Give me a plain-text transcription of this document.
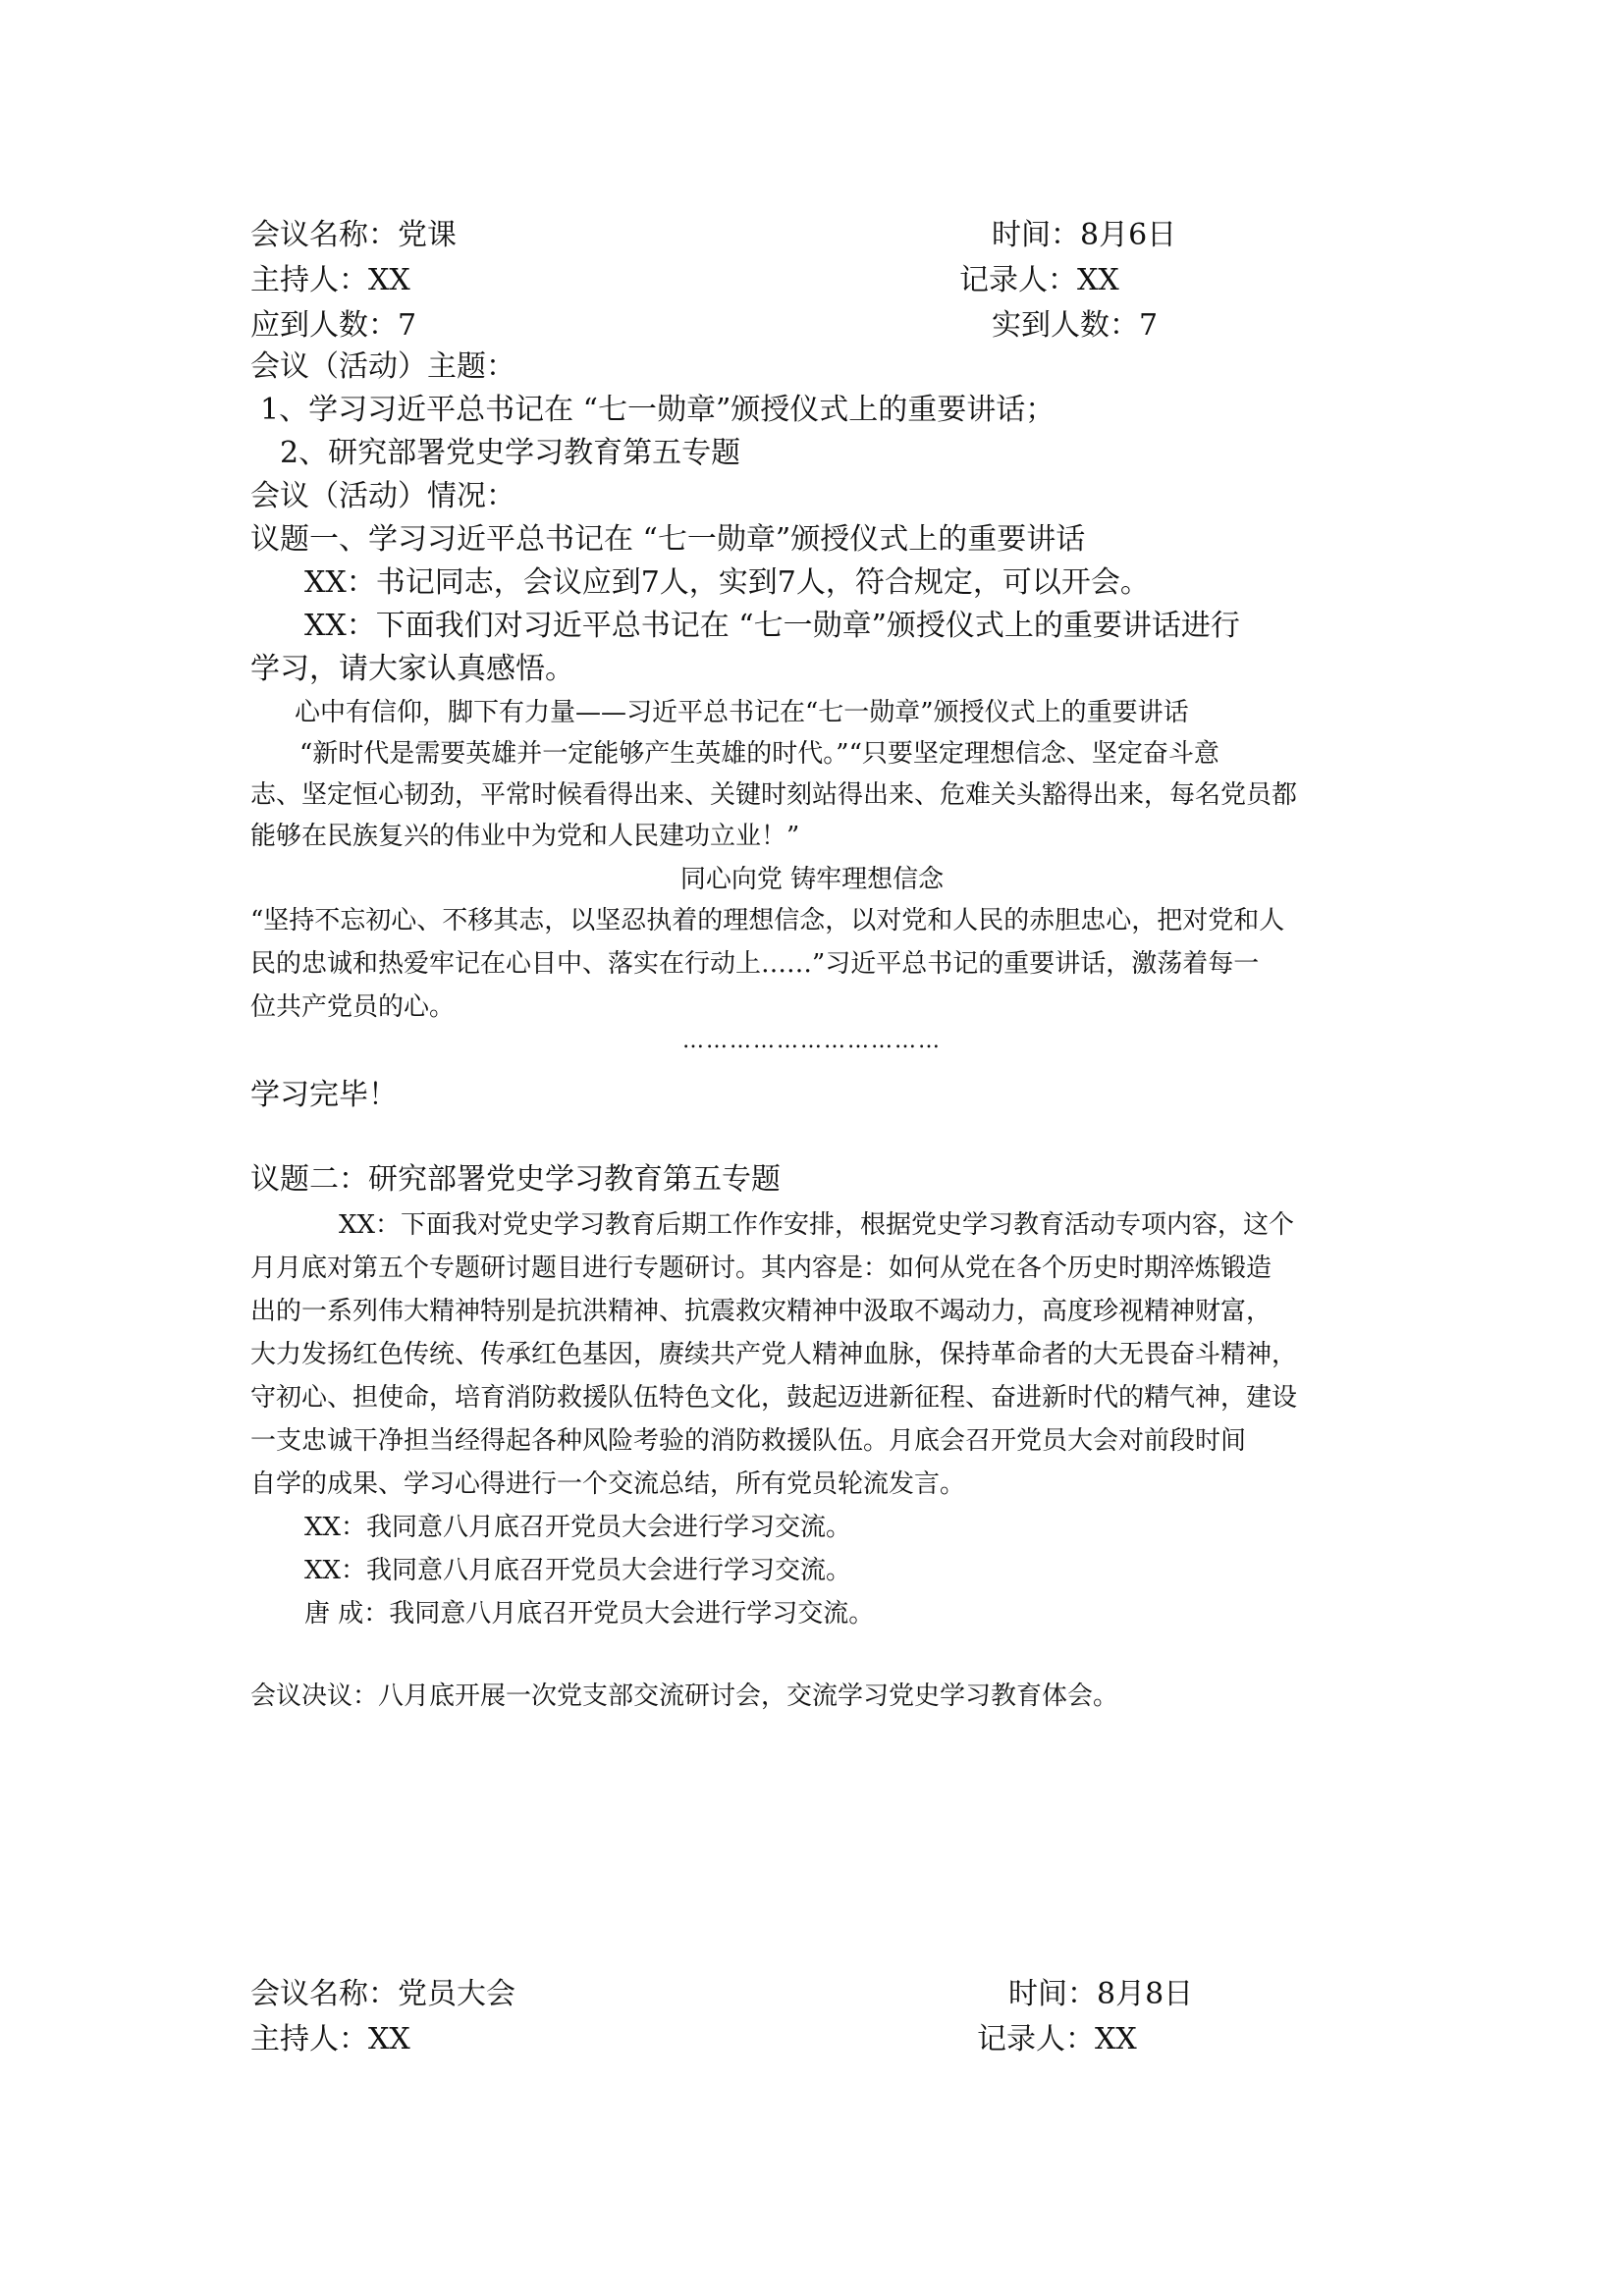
会议名称：党课	时间：8月6日
主持人：XX	记录人：XX
应到人数：7	实到人数：7
会议（活动）主题：
1、学习习近平总书记在 “七一勋章”颁授仪式上的重要讲话；
2、研究部署党史学习教育第五专题
会议（活动）情况：
议题一、学习习近平总书记在 “七一勋章”颁授仪式上的重要讲话
XX：书记同志，会议应到7人，实到7人，符合规定，可以开会。
XX：下面我们对习近平总书记在 “七一勋章”颁授仪式上的重要讲话进行
学习，请大家认真感悟。
心中有信仰，脚下有力量——习近平总书记在“七一勋章”颁授仪式上的重要讲话
“新时代是需要英雄并一定能够产生英雄的时代。”“只要坚定理想信念、坚定奋斗意
志、坚定恒心韧劲，平常时候看得出来、关键时刻站得出来、危难关头豁得出来，每名党员都
能够在民族复兴的伟业中为党和人民建功立业！”
同心向党 铸牢理想信念
“坚持不忘初心、不移其志，以坚忍执着的理想信念，以对党和人民的赤胆忠心，把对党和人
民的忠诚和热爱牢记在心目中、落实在行动上……”习近平总书记的重要讲话，激荡着每一
位共产党员的心。
……………………………
学习完毕！
议题二：研究部署党史学习教育第五专题
XX：下面我对党史学习教育后期工作作安排，根据党史学习教育活动专项内容，这个
月月底对第五个专题研讨题目进行专题研讨。其内容是：如何从党在各个历史时期淬炼锻造
出的一系列伟大精神特别是抗洪精神、抗震救灾精神中汲取不竭动力，高度珍视精神财富，
大力发扬红色传统、传承红色基因，赓续共产党人精神血脉，保持革命者的大无畏奋斗精神，
守初心、担使命，培育消防救援队伍特色文化，鼓起迈进新征程、奋进新时代的精气神，建设
一支忠诚干净担当经得起各种风险考验的消防救援队伍。月底会召开党员大会对前段时间
自学的成果、学习心得进行一个交流总结，所有党员轮流发言。
XX：我同意八月底召开党员大会进行学习交流。
XX：我同意八月底召开党员大会进行学习交流。
唐 成：我同意八月底召开党员大会进行学习交流。
会议决议：八月底开展一次党支部交流研讨会，交流学习党史学习教育体会。
会议名称：党员大会	时间：8月8日
主持人：XX	记录人：XX
